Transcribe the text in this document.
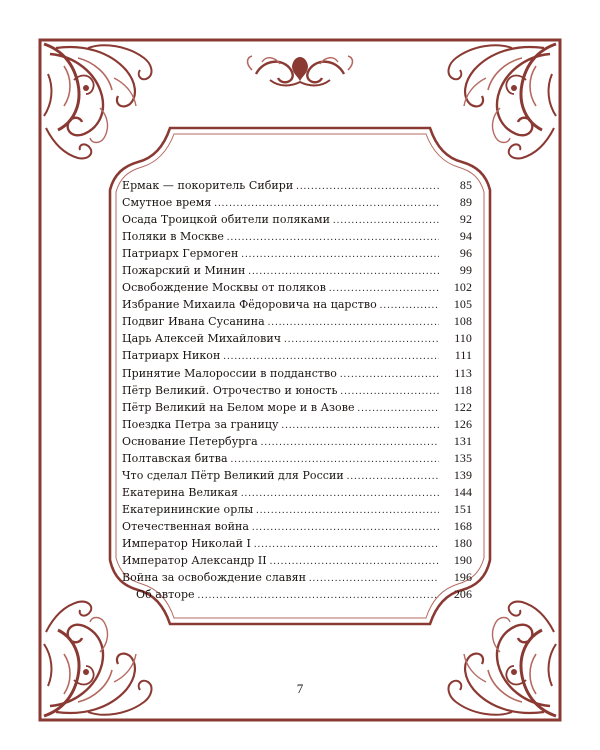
Ермак — покоритель Сибири .....	85
Смутное время .....	89
Осада Троицкой обители поляками .....	92
Поляки в Москве .....	94
Патриарх Гермоген .....	96
Пожарский и Минин .....	99
Освобождение Москвы от поляков .....	102
Избрание Михаила Фёдоровича на царство .....	105
Подвиг Ивана Сусанина .....	108
Царь Алексей Михайлович .....	110
Патриарх Никон .....	111
Принятие Малороссии в подданство .....	113
Пётр Великий. Отрочество и юность .....	118
Пётр Великий на Белом море и в Азове .....	122
Поездка Петра за границу .....	126
Основание Петербурга .....	131
Полтавская битва .....	135
Что сделал Пётр Великий для России .....	139
Екатерина Великая .....	144
Екатерининские орлы .....	151
Отечественная война .....	168
Император Николай I .....	180
Император Александр II .....	190
Война за освобождение славян .....	196
Об авторе .....	206
7
